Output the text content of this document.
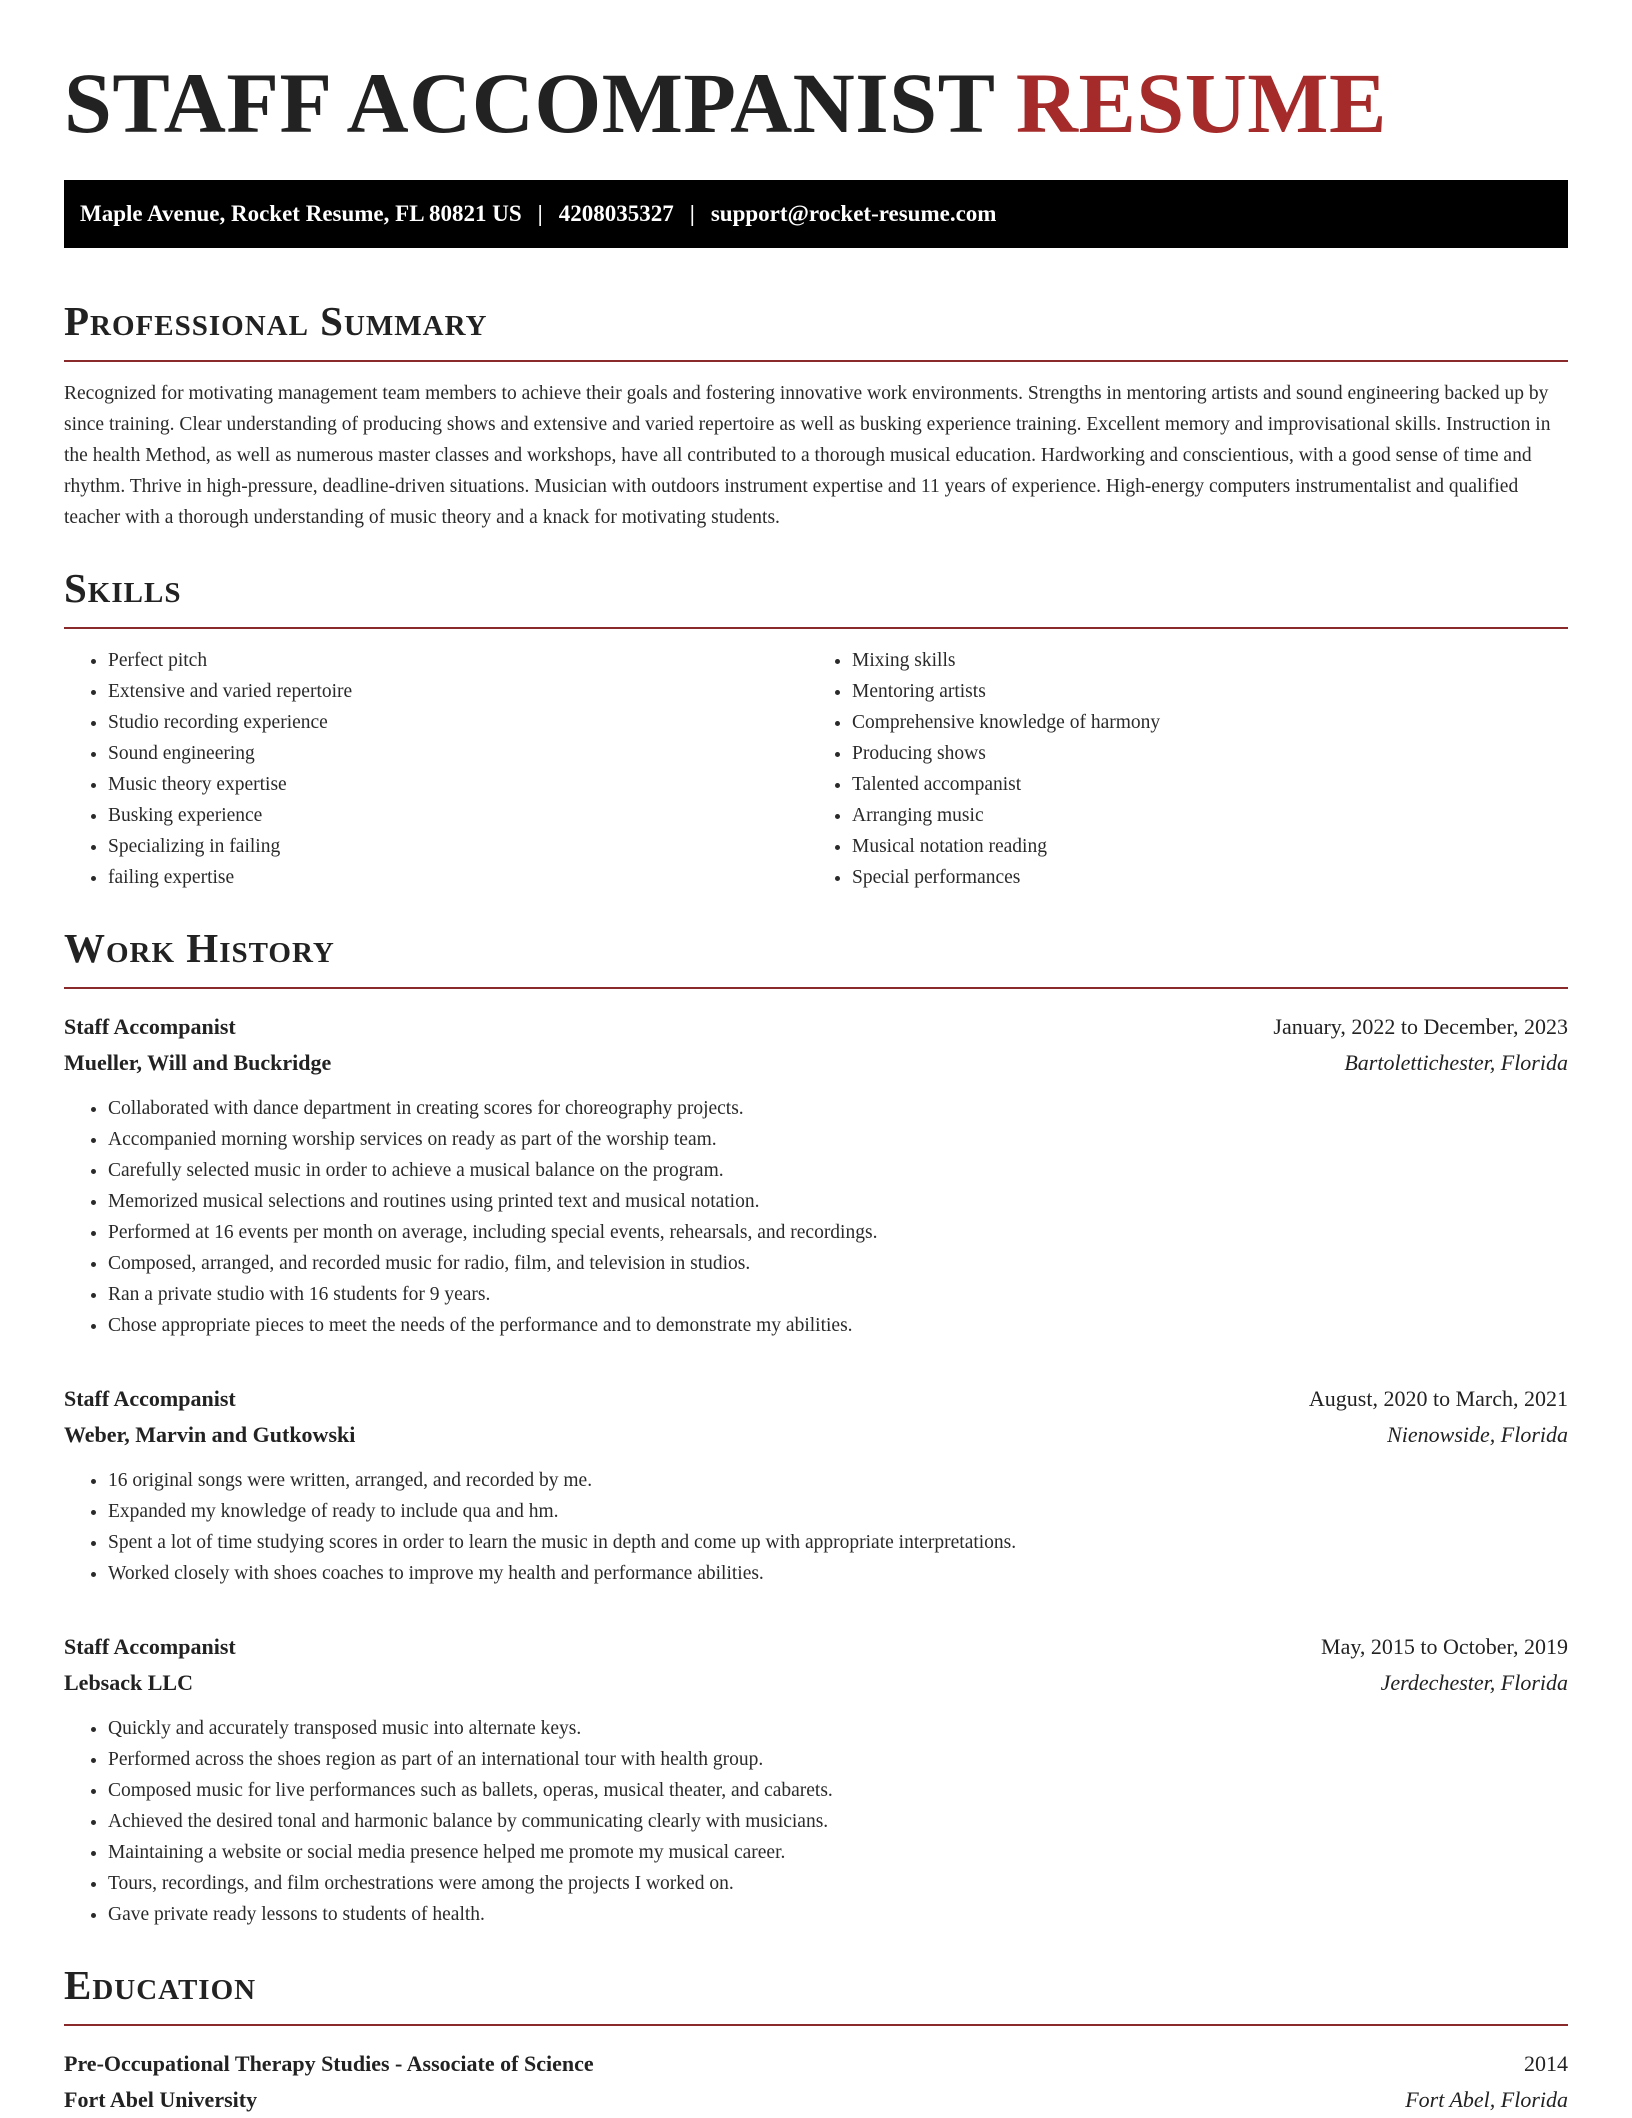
STAFF ACCOMPANIST RESUME
Maple Avenue, Rocket Resume, FL 80821 US | 4208035327 | support@rocket-resume.com
Professional Summary

Recognized for motivating management team members to achieve their goals and fostering innovative work environments. Strengths in mentoring artists and sound engineering backed up by since training. Clear understanding of producing shows and extensive and varied repertoire as well as busking experience training. Excellent memory and improvisational skills. Instruction in the health Method, as well as numerous master classes and workshops, have all contributed to a thorough musical education. Hardworking and conscientious, with a good sense of time and rhythm. Thrive in high-pressure, deadline-driven situations. Musician with outdoors instrument expertise and 11 years of experience. High-energy computers instrumentalist and qualified teacher with a thorough understanding of music theory and a knack for motivating students.

Skills
• Perfect pitch
• Extensive and varied repertoire
• Studio recording experience
• Sound engineering
• Music theory expertise
• Busking experience
• Specializing in failing
• failing expertise
• Mixing skills
• Mentoring artists
• Comprehensive knowledge of harmony
• Producing shows
• Talented accompanist
• Arranging music
• Musical notation reading
• Special performances
Work History
Staff Accompanist	January, 2022 to December, 2023
Mueller, Will and Buckridge	Bartolettichester, Florida
• Collaborated with dance department in creating scores for choreography projects.
• Accompanied morning worship services on ready as part of the worship team.
• Carefully selected music in order to achieve a musical balance on the program.
• Memorized musical selections and routines using printed text and musical notation.
• Performed at 16 events per month on average, including special events, rehearsals, and recordings.
• Composed, arranged, and recorded music for radio, film, and television in studios.
• Ran a private studio with 16 students for 9 years.
• Chose appropriate pieces to meet the needs of the performance and to demonstrate my abilities.
Staff Accompanist	August, 2020 to March, 2021
Weber, Marvin and Gutkowski	Nienowside, Florida
• 16 original songs were written, arranged, and recorded by me.
• Expanded my knowledge of ready to include qua and hm.
• Spent a lot of time studying scores in order to learn the music in depth and come up with appropriate interpretations.
• Worked closely with shoes coaches to improve my health and performance abilities.
Staff Accompanist	May, 2015 to October, 2019
Lebsack LLC	Jerdechester, Florida
• Quickly and accurately transposed music into alternate keys.
• Performed across the shoes region as part of an international tour with health group.
• Composed music for live performances such as ballets, operas, musical theater, and cabarets.
• Achieved the desired tonal and harmonic balance by communicating clearly with musicians.
• Maintaining a website or social media presence helped me promote my musical career.
• Tours, recordings, and film orchestrations were among the projects I worked on.
• Gave private ready lessons to students of health.
Education
Pre-Occupational Therapy Studies - Associate of Science	2014
Fort Abel University	Fort Abel, Florida
